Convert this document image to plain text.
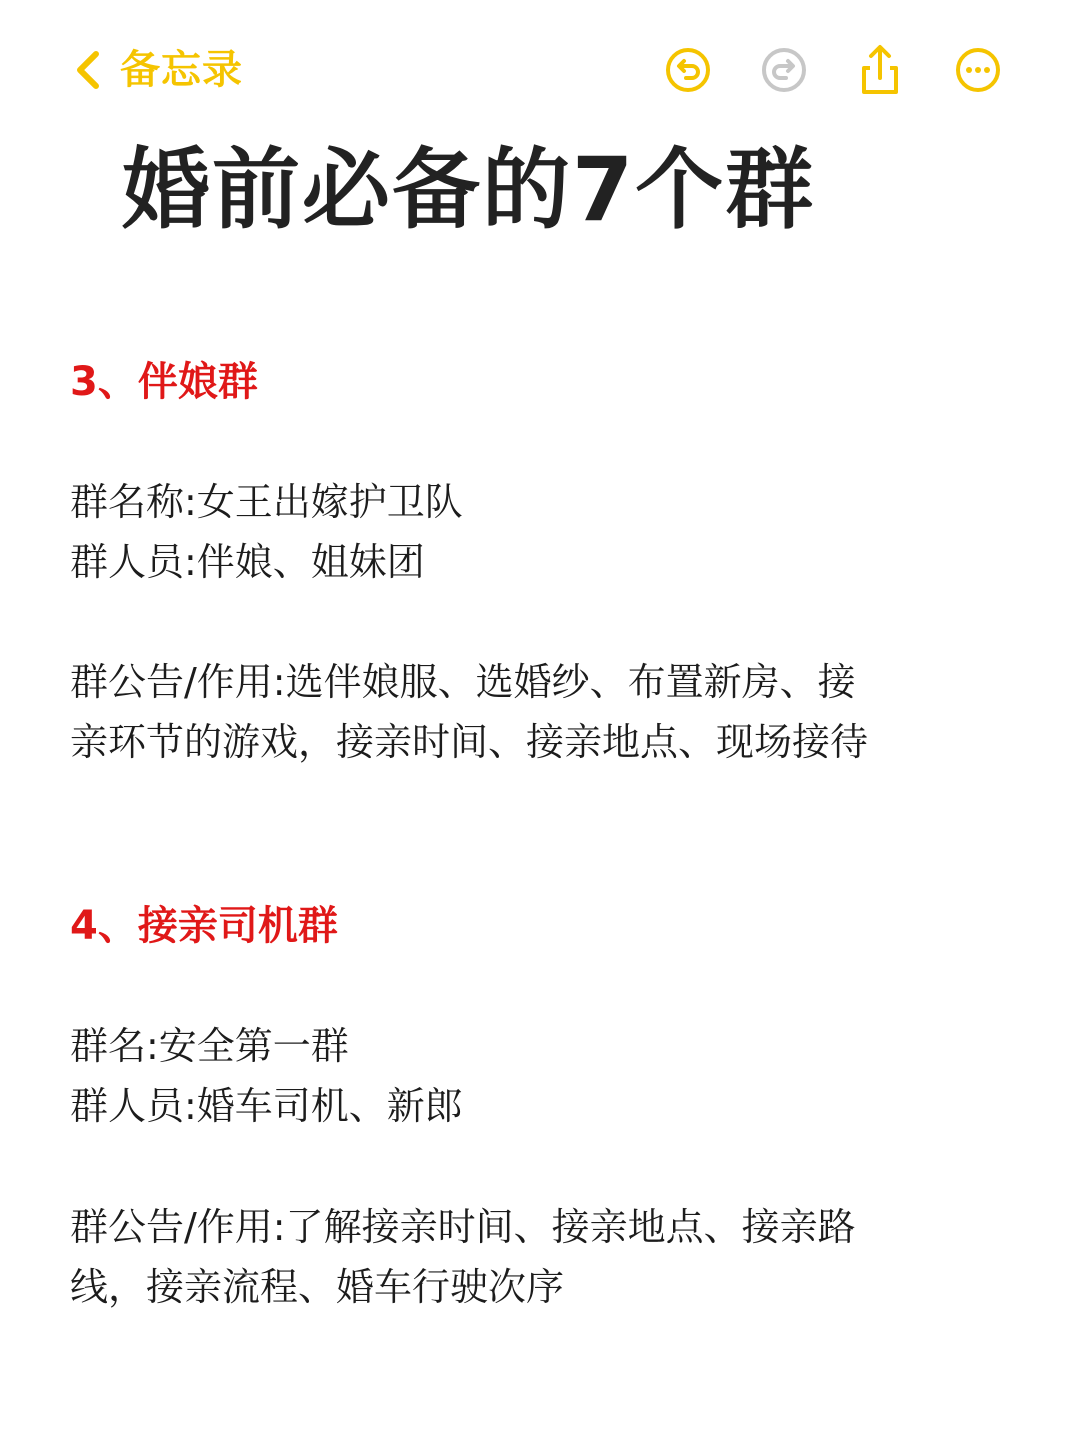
备忘录
婚前必备的7个群
3、伴娘群
群名称:女王出嫁护卫队
群人员:伴娘、姐妹团
群公告/作用:选伴娘服、选婚纱、布置新房、接
亲环节的游戏，接亲时间、接亲地点、现场接待
4、接亲司机群
群名:安全第一群
群人员:婚车司机、新郎
群公告/作用:了解接亲时间、接亲地点、接亲路
线，接亲流程、婚车行驶次序
